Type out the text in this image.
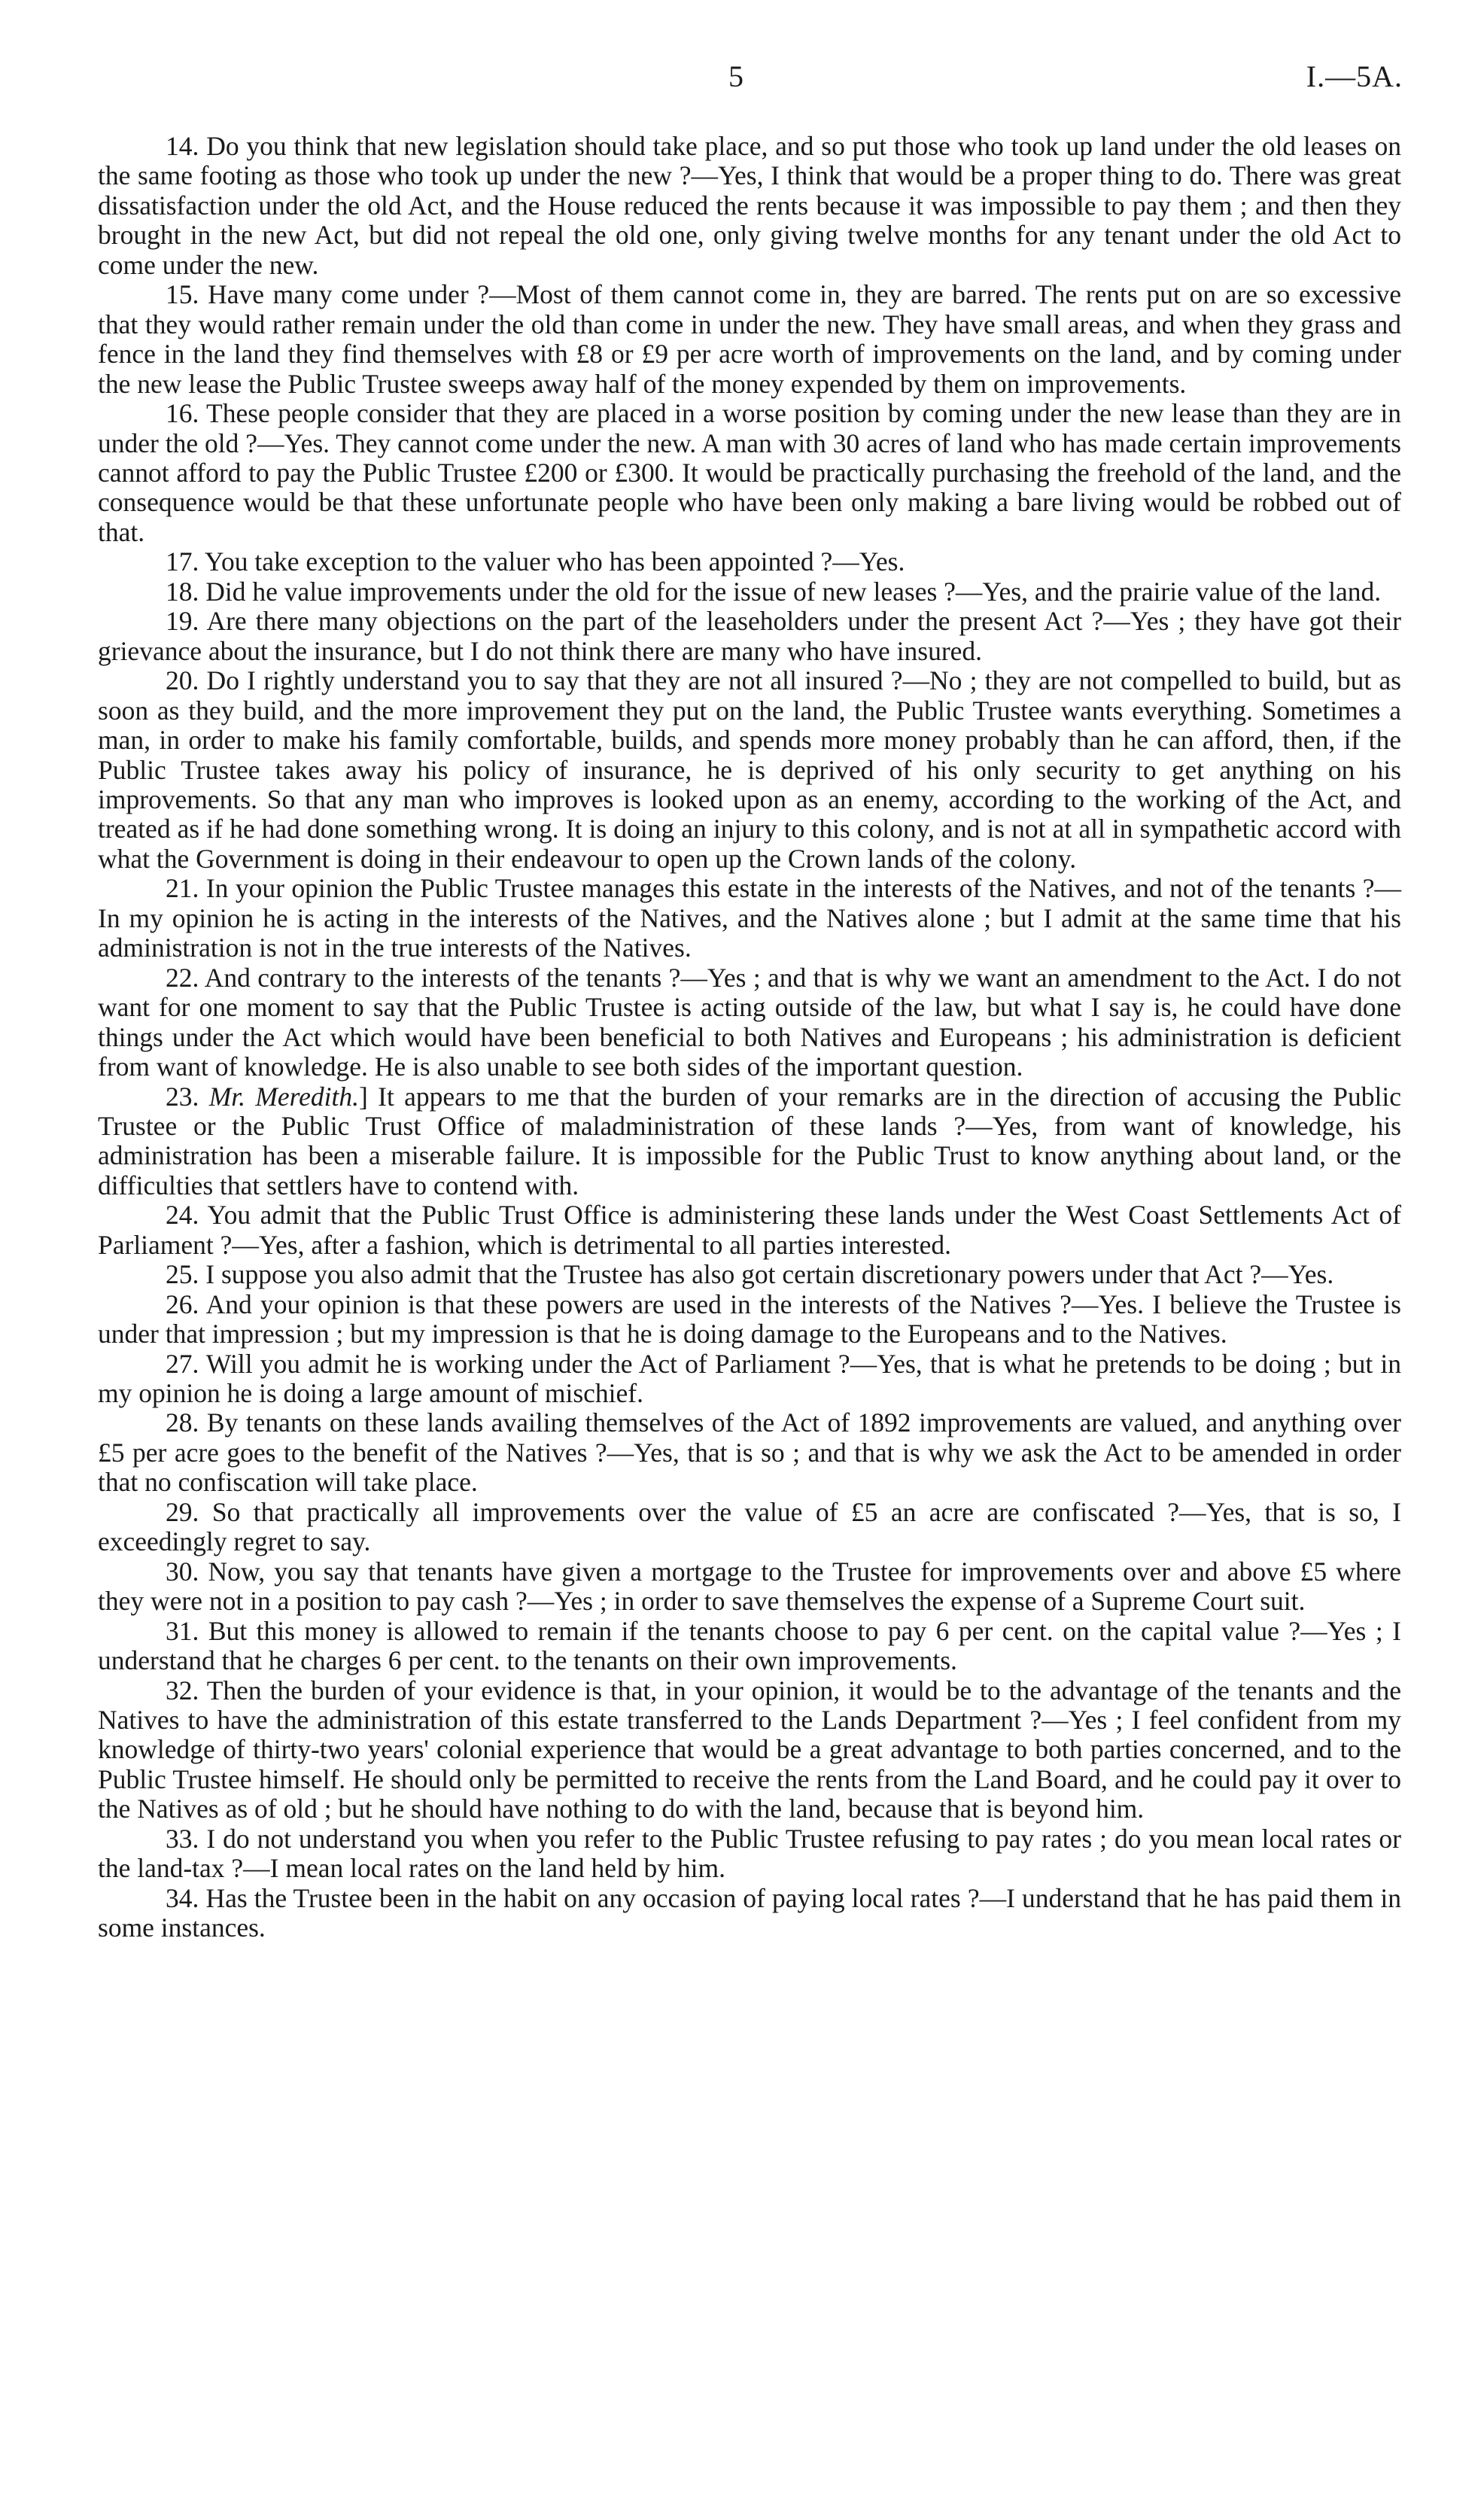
5	I.—5A.

14. Do you think that new legislation should take place, and so put those who took up land under the old leases on the same footing as those who took up under the new ?—Yes, I think that would be a proper thing to do. There was great dissatisfaction under the old Act, and the House reduced the rents because it was impossible to pay them ; and then they brought in the new Act, but did not repeal the old one, only giving twelve months for any tenant under the old Act to come under the new.

15. Have many come under ?—Most of them cannot come in, they are barred. The rents put on are so excessive that they would rather remain under the old than come in under the new. They have small areas, and when they grass and fence in the land they find themselves with £8 or £9 per acre worth of improvements on the land, and by coming under the new lease the Public Trustee sweeps away half of the money expended by them on improvements.

16. These people consider that they are placed in a worse position by coming under the new lease than they are in under the old ?—Yes. They cannot come under the new. A man with 30 acres of land who has made certain improvements cannot afford to pay the Public Trustee £200 or £300. It would be practically purchasing the freehold of the land, and the consequence would be that these unfortunate people who have been only making a bare living would be robbed out of that.

17. You take exception to the valuer who has been appointed ?—Yes.

18. Did he value improvements under the old for the issue of new leases ?—Yes, and the prairie value of the land.

19. Are there many objections on the part of the leaseholders under the present Act ?—Yes ; they have got their grievance about the insurance, but I do not think there are many who have insured.

20. Do I rightly understand you to say that they are not all insured ?—No ; they are not compelled to build, but as soon as they build, and the more improvement they put on the land, the Public Trustee wants everything. Sometimes a man, in order to make his family comfortable, builds, and spends more money probably than he can afford, then, if the Public Trustee takes away his policy of insurance, he is deprived of his only security to get anything on his improvements. So that any man who improves is looked upon as an enemy, according to the working of the Act, and treated as if he had done something wrong. It is doing an injury to this colony, and is not at all in sympathetic accord with what the Government is doing in their endeavour to open up the Crown lands of the colony.

21. In your opinion the Public Trustee manages this estate in the interests of the Natives, and not of the tenants ?—In my opinion he is acting in the interests of the Natives, and the Natives alone ; but I admit at the same time that his administration is not in the true interests of the Natives.

22. And contrary to the interests of the tenants ?—Yes ; and that is why we want an amendment to the Act. I do not want for one moment to say that the Public Trustee is acting outside of the law, but what I say is, he could have done things under the Act which would have been beneficial to both Natives and Europeans ; his administration is deficient from want of knowledge. He is also unable to see both sides of the important question.

23. Mr. Meredith.] It appears to me that the burden of your remarks are in the direction of accusing the Public Trustee or the Public Trust Office of maladministration of these lands ?—Yes, from want of knowledge, his administration has been a miserable failure. It is impossible for the Public Trust to know anything about land, or the difficulties that settlers have to contend with.

24. You admit that the Public Trust Office is administering these lands under the West Coast Settlements Act of Parliament ?—Yes, after a fashion, which is detrimental to all parties interested.

25. I suppose you also admit that the Trustee has also got certain discretionary powers under that Act ?—Yes.

26. And your opinion is that these powers are used in the interests of the Natives ?—Yes. I believe the Trustee is under that impression ; but my impression is that he is doing damage to the Europeans and to the Natives.

27. Will you admit he is working under the Act of Parliament ?—Yes, that is what he pretends to be doing ; but in my opinion he is doing a large amount of mischief.

28. By tenants on these lands availing themselves of the Act of 1892 improvements are valued, and anything over £5 per acre goes to the benefit of the Natives ?—Yes, that is so ; and that is why we ask the Act to be amended in order that no confiscation will take place.

29. So that practically all improvements over the value of £5 an acre are confiscated ?—Yes, that is so, I exceedingly regret to say.

30. Now, you say that tenants have given a mortgage to the Trustee for improvements over and above £5 where they were not in a position to pay cash ?—Yes ; in order to save themselves the expense of a Supreme Court suit.

31. But this money is allowed to remain if the tenants choose to pay 6 per cent. on the capital value ?—Yes ; I understand that he charges 6 per cent. to the tenants on their own improvements.

32. Then the burden of your evidence is that, in your opinion, it would be to the advantage of the tenants and the Natives to have the administration of this estate transferred to the Lands Department ?—Yes ; I feel confident from my knowledge of thirty-two years' colonial experience that would be a great advantage to both parties concerned, and to the Public Trustee himself. He should only be permitted to receive the rents from the Land Board, and he could pay it over to the Natives as of old ; but he should have nothing to do with the land, because that is beyond him.

33. I do not understand you when you refer to the Public Trustee refusing to pay rates ; do you mean local rates or the land-tax ?—I mean local rates on the land held by him.

34. Has the Trustee been in the habit on any occasion of paying local rates ?—I understand that he has paid them in some instances.
